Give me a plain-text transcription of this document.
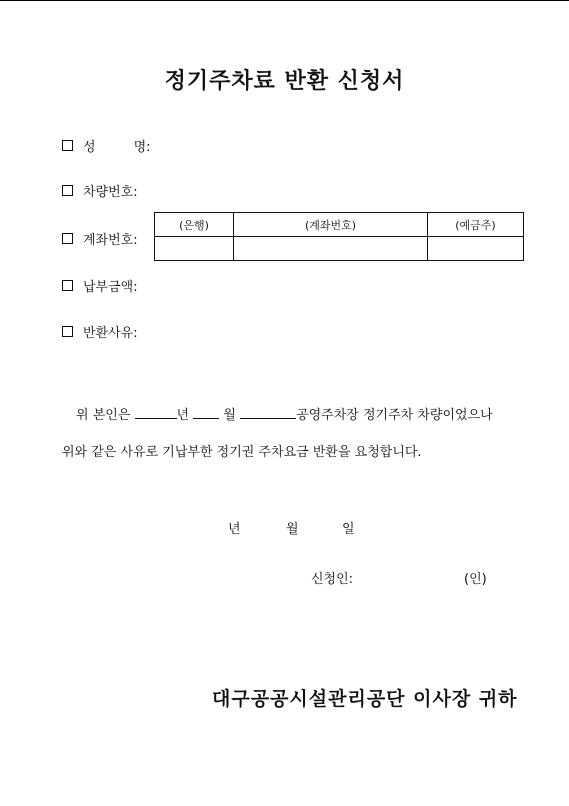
정기주차료 반환 신청서
성	명:
차량번호:
계좌번호:
(은행)	(계좌번호)	(예금주)

납부금액:
반환사유:
위 본인은	년	월	공영주차장 정기주차 차량이었으나
위와 같은 사유로 기납부한 정기권 주차요금 반환을 요청합니다.
년	월	일
신청인:	(인)
대구공공시설관리공단 이사장 귀하
